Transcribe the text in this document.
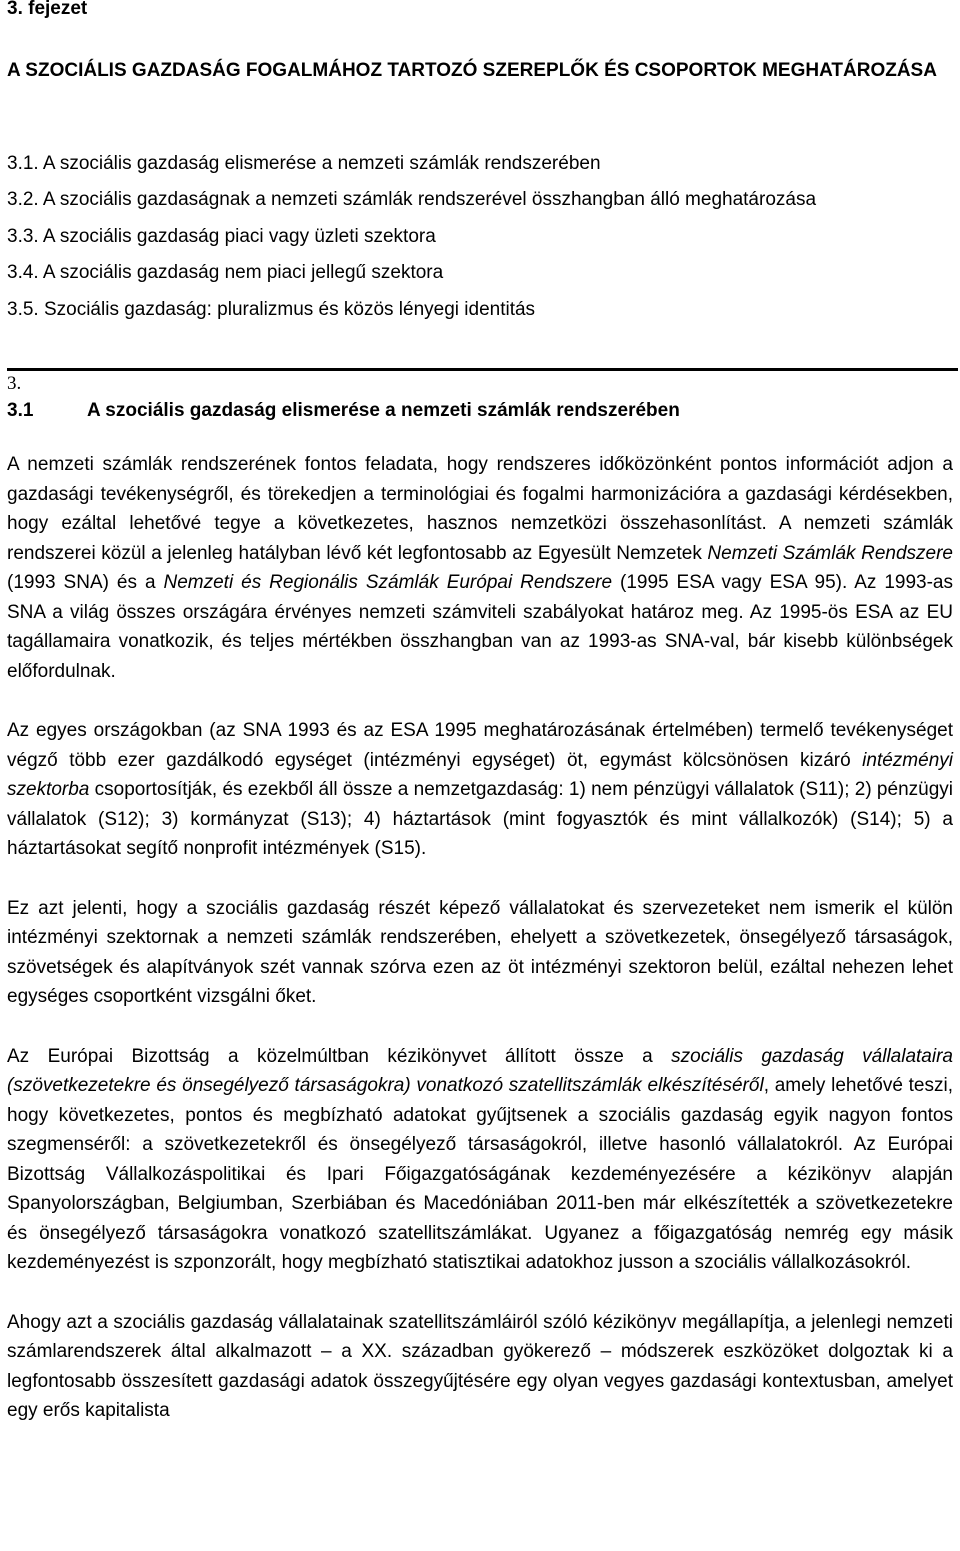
3. fejezet
A SZOCIÁLIS GAZDASÁG FOGALMÁHOZ TARTOZÓ SZEREPLŐK ÉS CSOPORTOK MEGHATÁROZÁSA
3.1. A szociális gazdaság elismerése a nemzeti számlák rendszerében
3.2. A szociális gazdaságnak a nemzeti számlák rendszerével összhangban álló meghatározása
3.3. A szociális gazdaság piaci vagy üzleti szektora
3.4. A szociális gazdaság nem piaci jellegű szektora
3.5. Szociális gazdaság: pluralizmus és közös lényegi identitás
3.
3.1	A szociális gazdaság elismerése a nemzeti számlák rendszerében

A nemzeti számlák rendszerének fontos feladata, hogy rendszeres időközönként pontos információt adjon a gazdasági tevékenységről, és törekedjen a terminológiai és fogalmi harmonizációra a gazdasági kérdésekben, hogy ezáltal lehetővé tegye a következetes, hasznos nemzetközi összehasonlítást. A nemzeti számlák rendszerei közül a jelenleg hatályban lévő két legfontosabb az Egyesült Nemzetek Nemzeti Számlák Rendszere (1993 SNA) és a Nemzeti és Regionális Számlák Európai Rendszere (1995 ESA vagy ESA 95). Az 1993-as SNA a világ összes országára érvényes nemzeti számviteli szabályokat határoz meg. Az 1995-ös ESA az EU tagállamaira vonatkozik, és teljes mértékben összhangban van az 1993-as SNA-val, bár kisebb különbségek előfordulnak.

Az egyes országokban (az SNA 1993 és az ESA 1995 meghatározásának értelmében) termelő tevékenységet végző több ezer gazdálkodó egységet (intézményi egységet) öt, egymást kölcsönösen kizáró intézményi szektorba csoportosítják, és ezekből áll össze a nemzetgazdaság: 1) nem pénzügyi vállalatok (S11); 2) pénzügyi vállalatok (S12); 3) kormányzat (S13); 4) háztartások (mint fogyasztók és mint vállalkozók) (S14); 5) a háztartásokat segítő nonprofit intézmények (S15).

Ez azt jelenti, hogy a szociális gazdaság részét képező vállalatokat és szervezeteket nem ismerik el külön intézményi szektornak a nemzeti számlák rendszerében, ehelyett a szövetkezetek, önsegélyező társaságok, szövetségek és alapítványok szét vannak szórva ezen az öt intézményi szektoron belül, ezáltal nehezen lehet egységes csoportként vizsgálni őket.

Az Európai Bizottság a közelmúltban kézikönyvet állított össze a szociális gazdaság vállalataira (szövetkezetekre és önsegélyező társaságokra) vonatkozó szatellitszámlák elkészítéséről, amely lehetővé teszi, hogy következetes, pontos és megbízható adatokat gyűjtsenek a szociális gazdaság egyik nagyon fontos szegmenséről: a szövetkezetekről és önsegélyező társaságokról, illetve hasonló vállalatokról. Az Európai Bizottság Vállalkozáspolitikai és Ipari Főigazgatóságának kezdeményezésére a kézikönyv alapján Spanyolországban, Belgiumban, Szerbiában és Macedóniában 2011-ben már elkészítették a szövetkezetekre és önsegélyező társaságokra vonatkozó szatellitszámlákat. Ugyanez a főigazgatóság nemrég egy másik kezdeményezést is szponzorált, hogy megbízható statisztikai adatokhoz jusson a szociális vállalkozásokról.

Ahogy azt a szociális gazdaság vállalatainak szatellitszámláiról szóló kézikönyv megállapítja, a jelenlegi nemzeti számlarendszerek által alkalmazott – a XX. században gyökerező – módszerek eszközöket dolgoztak ki a legfontosabb összesített gazdasági adatok összegyűjtésére egy olyan vegyes gazdasági kontextusban, amelyet egy erős kapitalista
